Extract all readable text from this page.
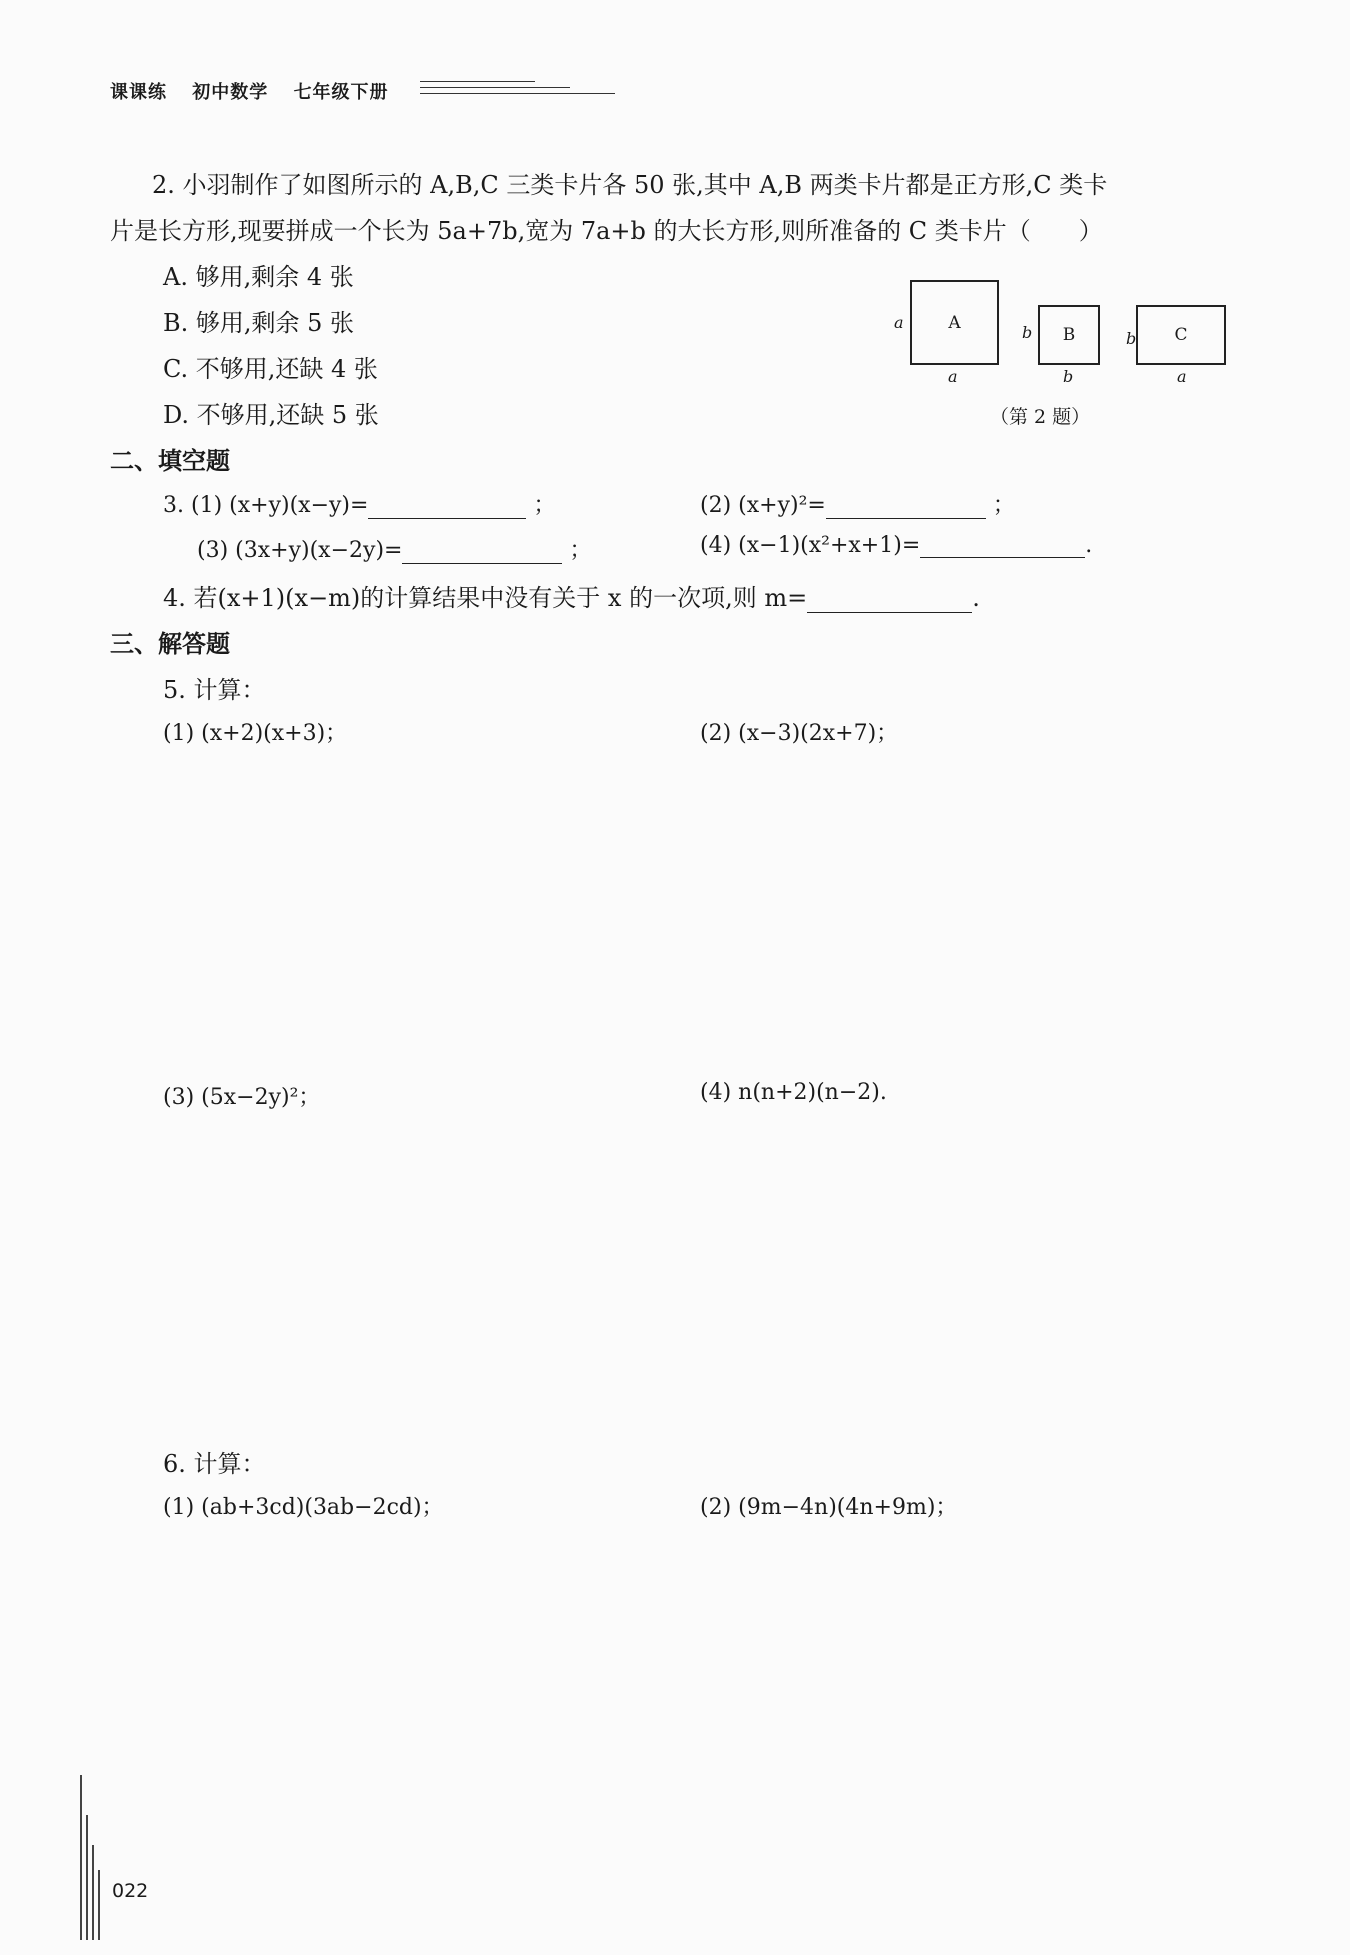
课课练 初中数学 七年级下册
2. 小羽制作了如图所示的 A,B,C 三类卡片各 50 张,其中 A,B 两类卡片都是正方形,C 类卡
片是长方形,现要拼成一个长为 5a+7b,宽为 7a+b 的大长方形,则所准备的 C 类卡片（　　）
A. 够用,剩余 4 张
B. 够用,剩余 5 张
C. 不够用,还缺 4 张
D. 不够用,还缺 5 张
A
a
a
B
b
b
C
b
a
（第 2 题）
二、填空题
3. (1) (x+y)(x−y)=	；	(2) (x+y)²=	；
(3) (3x+y)(x−2y)=	；	(4) (x−1)(x²+x+1)=	.
4. 若(x+1)(x−m)的计算结果中没有关于 x 的一次项,则 m=	.
三、解答题
5. 计算：
(1) (x+2)(x+3)；	(2) (x−3)(2x+7)；
(3) (5x−2y)²；	(4) n(n+2)(n−2).
6. 计算：
(1) (ab+3cd)(3ab−2cd)；	(2) (9m−4n)(4n+9m)；
022
